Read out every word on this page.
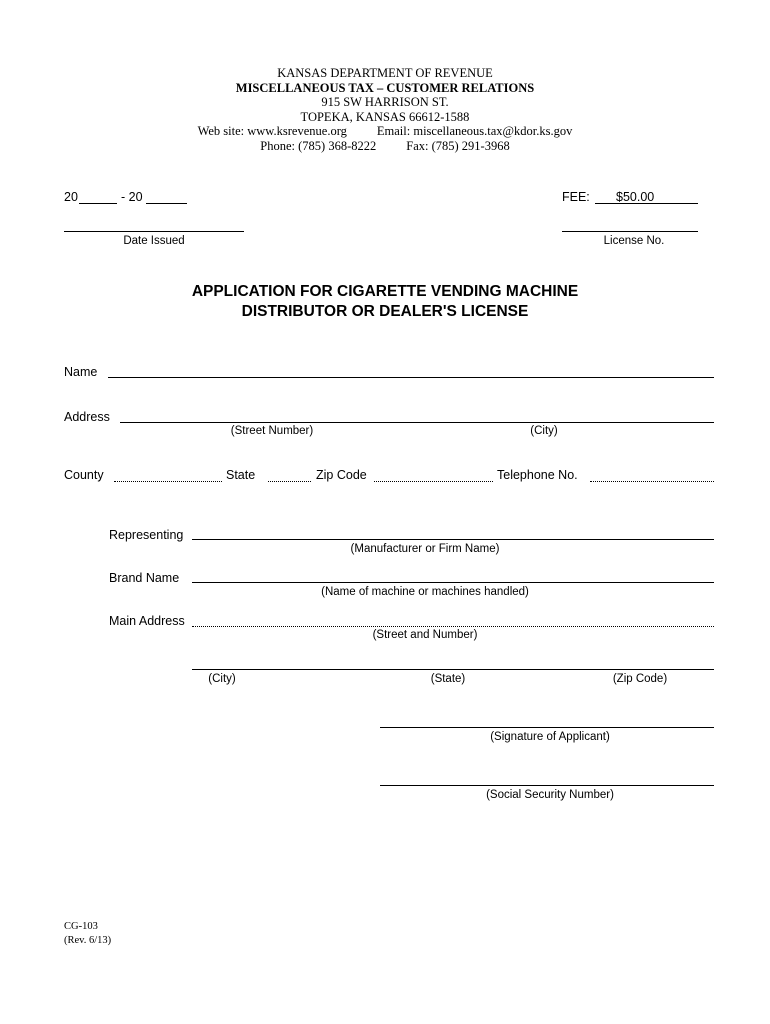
KANSAS DEPARTMENT OF REVENUE
MISCELLANEOUS TAX – CUSTOMER RELATIONS
915 SW HARRISON ST.
TOPEKA, KANSAS 66612-1588
Web site: www.ksrevenue.org Email: miscellaneous.tax@kdor.ks.gov
Phone: (785) 368-8222 Fax: (785) 291-3968
20	- 20	FEE: $50.00
Date Issued	License No.
APPLICATION FOR CIGARETTE VENDING MACHINE
DISTRIBUTOR OR DEALER'S LICENSE
Name
Address
(Street Number)	(City)
County	State	Zip Code	Telephone No.
Representing
(Manufacturer or Firm Name)
Brand Name
(Name of machine or machines handled)
Main Address
(Street and Number)
(City)	(State)	(Zip Code)
(Signature of Applicant)
(Social Security Number)
CG-103
(Rev. 6/13)
